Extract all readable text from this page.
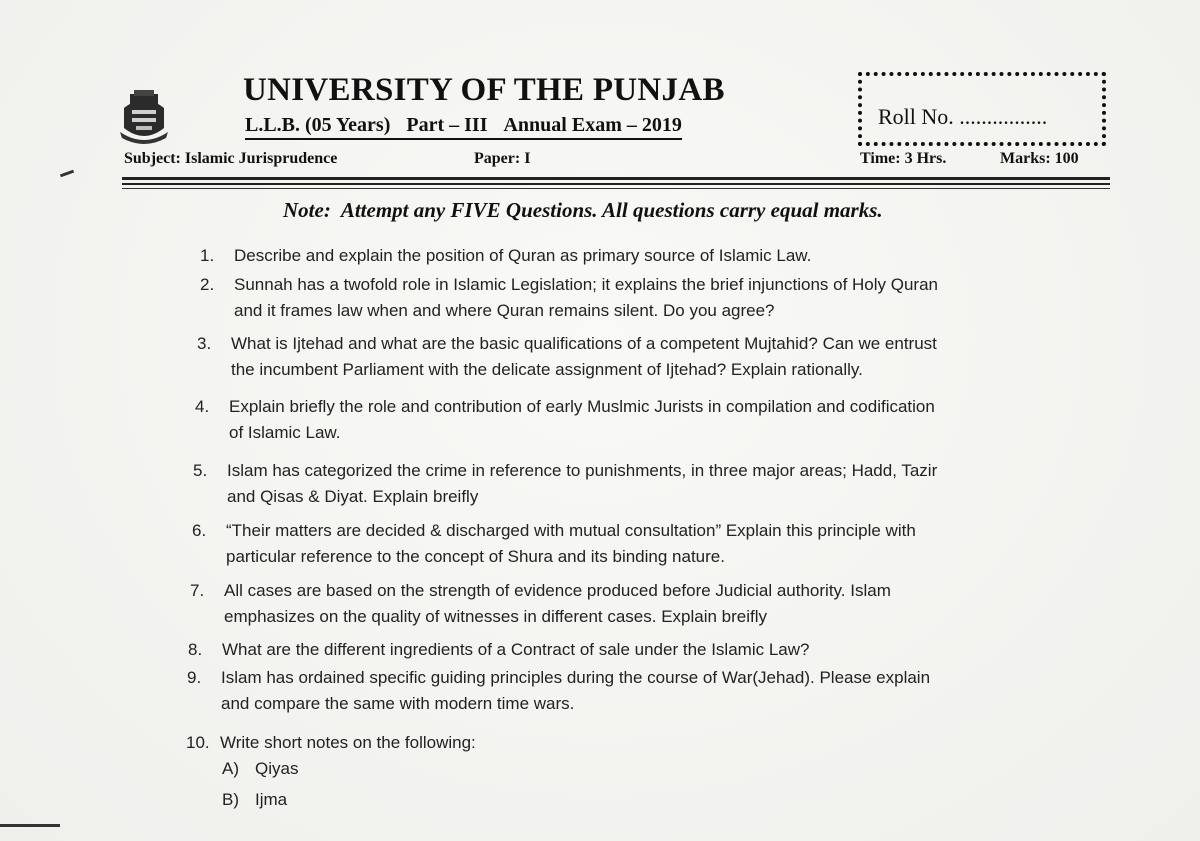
UNIVERSITY OF THE PUNJAB
L.L.B. (05 Years) Part – III Annual Exam – 2019	Roll No. ................
Subject: Islamic Jurisprudence	Paper: I	Time: 3 Hrs.	Marks: 100
Note: Attempt any FIVE Questions. All questions carry equal marks.
1. Describe and explain the position of Quran as primary source of Islamic Law.
2. Sunnah has a twofold role in Islamic Legislation; it explains the brief injunctions of Holy Quran
and it frames law when and where Quran remains silent. Do you agree?
3. What is Ijtehad and what are the basic qualifications of a competent Mujtahid? Can we entrust
the incumbent Parliament with the delicate assignment of Ijtehad? Explain rationally.
4. Explain briefly the role and contribution of early Muslmic Jurists in compilation and codification
of Islamic Law.
5. Islam has categorized the crime in reference to punishments, in three major areas; Hadd, Tazir
and Qisas & Diyat. Explain breifly
6. “Their matters are decided & discharged with mutual consultation” Explain this principle with
particular reference to the concept of Shura and its binding nature.
7. All cases are based on the strength of evidence produced before Judicial authority. Islam
emphasizes on the quality of witnesses in different cases. Explain breifly
8. What are the different ingredients of a Contract of sale under the Islamic Law?
9. Islam has ordained specific guiding principles during the course of War(Jehad). Please explain
and compare the same with modern time wars.
10. Write short notes on the following:
A) Qiyas
B) Ijma
